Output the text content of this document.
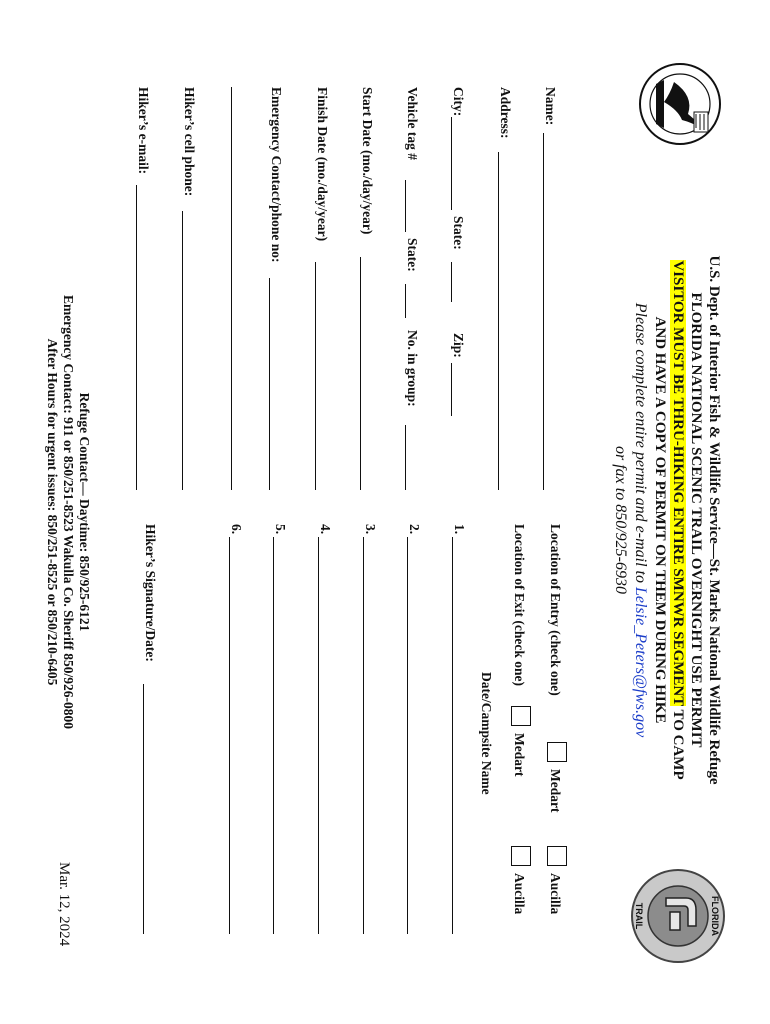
FLORIDA
TRAIL
U.S. Dept. of Interior Fish & Wildlife Service—St. Marks National Wildlife Refuge
FLORIDA NATIONAL SCENIC TRAIL OVERNIGHT USE PERMIT
VISITOR MUST BE THRU-HIKING ENTIRE SMNWR SEGMENT TO CAMP
AND HAVE A COPY OF PERMIT ON THEM DURING HIKE
Please complete entire permit and e-mail to Lelsie_Peters@fws.gov
or fax to 850/925-6930
Name:
Address:
City:
State:
Zip:
Vehicle tag #
State:
No. in group:
Start Date (mo./day/year)
Finish Date (mo./day/year)
Emergency Contact/phone no:
Hiker’s cell phone:
Hiker’s e-mail:
Location of Entry (check one)
Medart
Aucilla
Location of Exit (check one)
Medart
Aucilla
Date/Campsite Name
1.
2.
3.
4.
5.
6.
Hiker’s Signature/Date:
Refuge Contact— Daytime: 850/925-6121
Emergency Contact: 911 or 850/251-8523 Wakulla Co. Sheriff 850/926-0800
After Hours for urgent issues: 850/251-8525 or 850/210-6405
Mar. 12, 2024
